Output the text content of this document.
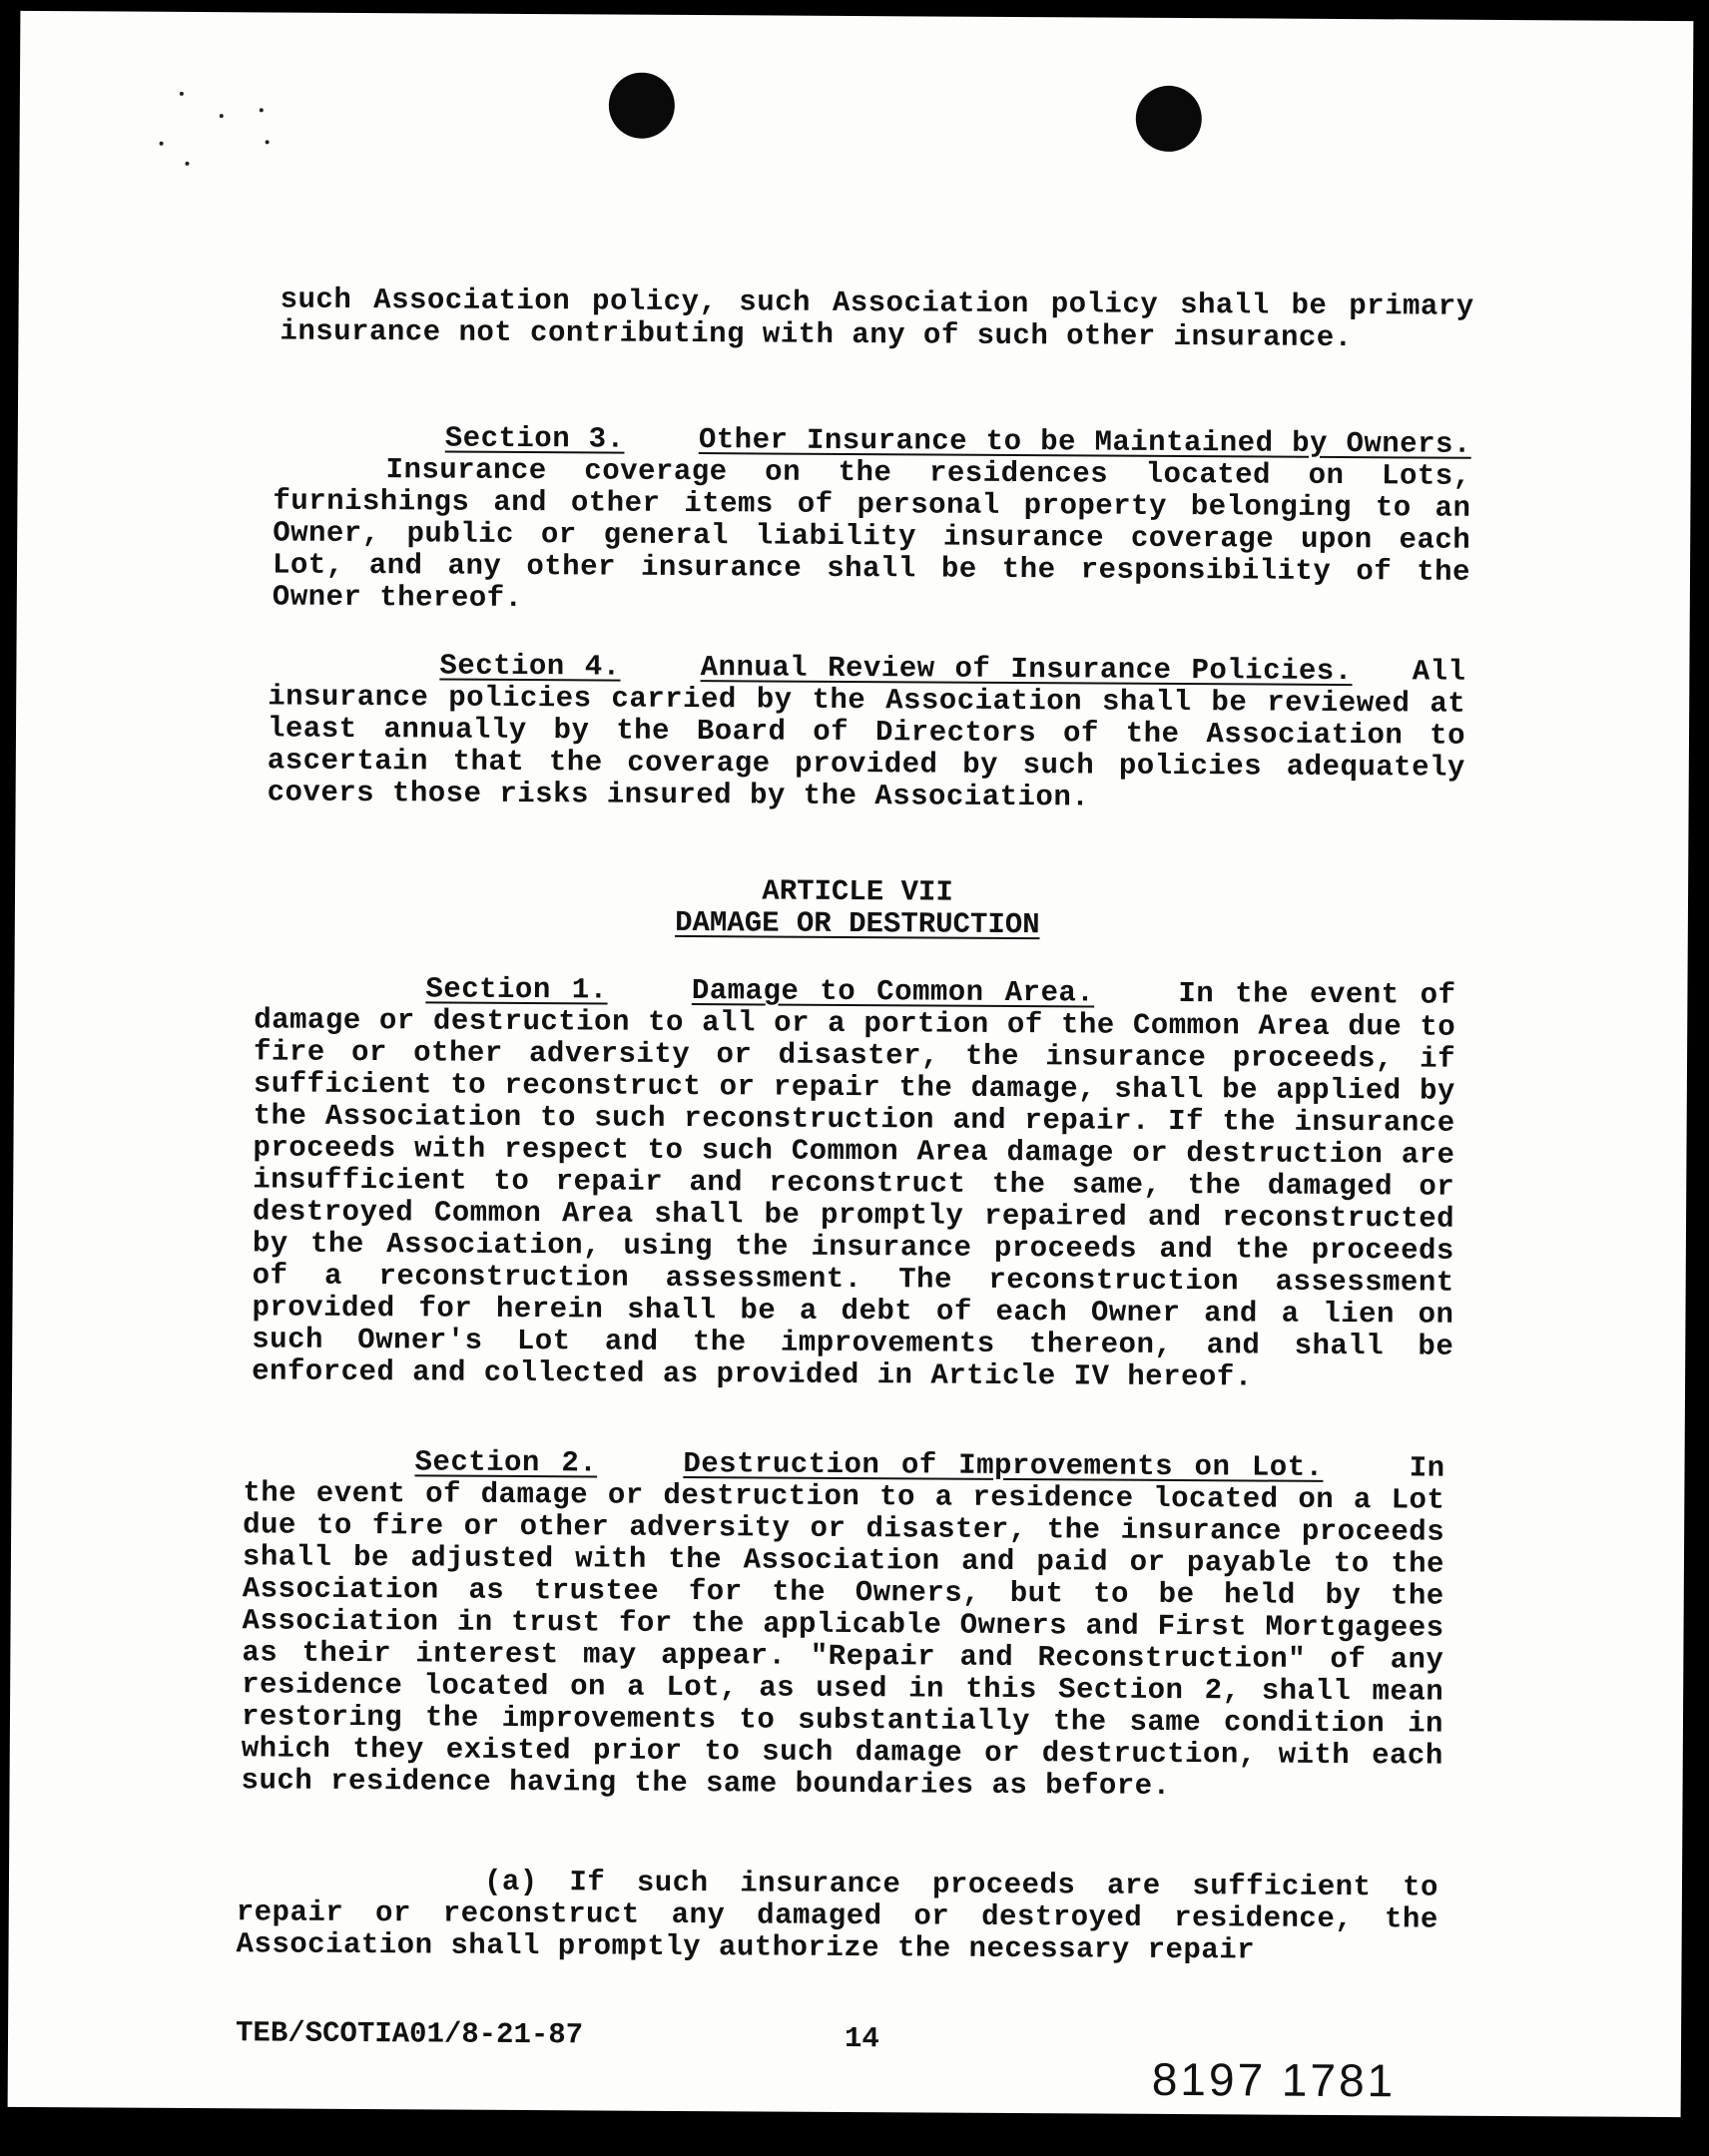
such Association policy, such Association policy shall be primary insurance not contributing with any of such other insurance.
Section 3.	Other Insurance to be Maintained by Owners.    Insurance coverage on the residences located on Lots, furnishings and other items of personal property belonging to an Owner, public or general liability insurance coverage upon each Lot, and any other insurance shall be the responsibility of the Owner thereof.
Section 4.	Annual Review of Insurance Policies. All insurance policies carried by the Association shall be reviewed at least annually by the Board of Directors of the Association to ascertain that the coverage provided by such policies adequately covers those risks insured by the Association.
ARTICLE VII
DAMAGE OR DESTRUCTION
Section 1.	Damage to Common Area.	In the event of damage or destruction to all or a portion of the Common Area due to fire or other adversity or disaster, the insurance proceeds, if sufficient to reconstruct or repair the damage, shall be applied by the Association to such reconstruction and repair. If the insurance proceeds with respect to such Common Area damage or destruction are insufficient to repair and reconstruct the same, the damaged or destroyed Common Area shall be promptly repaired and reconstructed by the Association, using the insurance proceeds and the proceeds of a reconstruction assessment. The reconstruction assessment provided for herein shall be a debt of each Owner and a lien on such Owner's Lot and the improvements thereon, and shall be enforced and collected as provided in Article IV hereof.
Section 2.	Destruction of Improvements on Lot.	In the event of damage or destruction to a residence located on a Lot due to fire or other adversity or disaster, the insurance proceeds shall be adjusted with the Association and paid or payable to the Association as trustee for the Owners, but to be held by the Association in trust for the applicable Owners and First Mortgagees as their interest may appear. "Repair and Reconstruction" of any residence located on a Lot, as used in this Section 2, shall mean restoring the improvements to substantially the same condition in which they existed prior to such damage or destruction, with each such residence having the same boundaries as before.
(a) If such insurance proceeds are sufficient to repair or reconstruct any damaged or destroyed residence, the Association shall promptly authorize the necessary repair
TEB/SCOTIA01/8-21-87	14
8197 1781
